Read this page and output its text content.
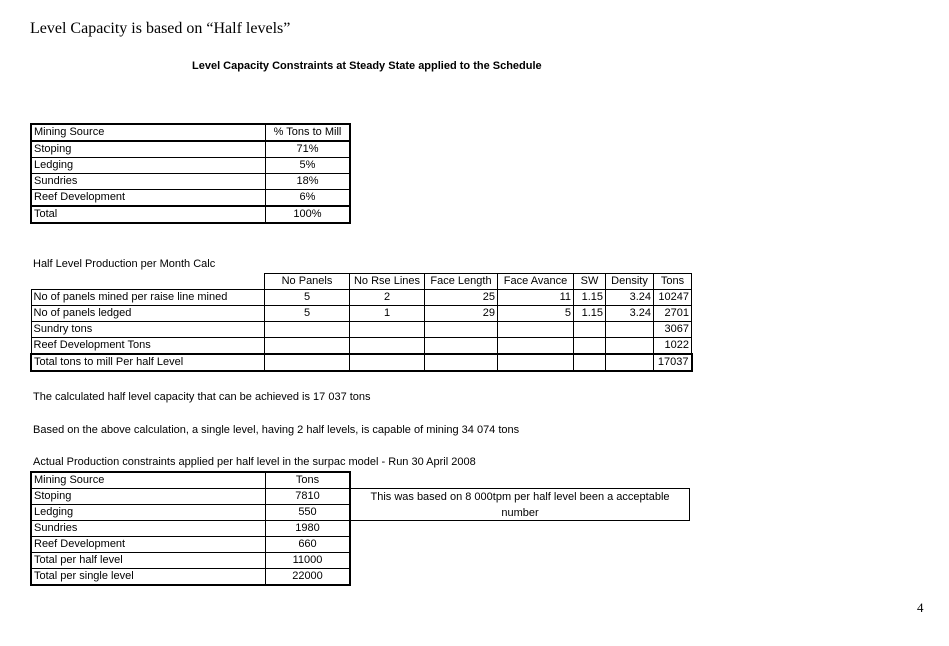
Level Capacity is based on “Half levels”
Level Capacity Constraints at Steady State applied to the Schedule
Mining Source	% Tons to Mill
Stoping	71%
Ledging	5%
Sundries	18%
Reef Development	6%
Total	100%
Half Level Production per Month Calc
	No Panels	No Rse Lines	Face Length	Face Avance	SW	Density	Tons
No of panels mined per raise line mined	5	2	25	11	1.15	3.24	10247
No of panels ledged	5	1	29	5	1.15	3.24	2701
Sundry tons							3067
Reef Development Tons							1022
Total tons to mill Per half Level							17037
The calculated half level capacity that can be achieved is 17 037 tons
Based on the above calculation, a single level, having 2 half levels, is capable of mining 34 074 tons
Actual Production constraints applied per half level in the surpac model - Run 30 April 2008
Mining Source	Tons
Stoping	7810
Ledging	550
Sundries	1980
Reef Development	660
Total per half level	11000
Total per single level	22000
This was based on 8 000tpm per half level been a acceptable number
4
